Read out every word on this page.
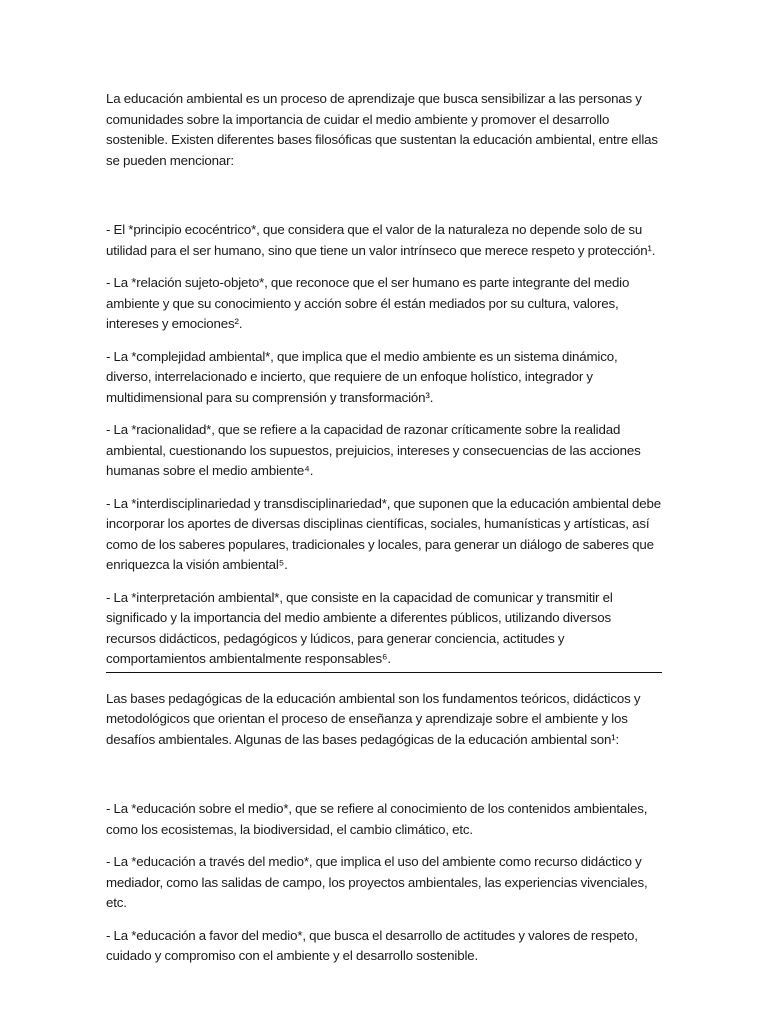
La educación ambiental es un proceso de aprendizaje que busca sensibilizar a las personas y comunidades sobre la importancia de cuidar el medio ambiente y promover el desarrollo sostenible. Existen diferentes bases filosóficas que sustentan la educación ambiental, entre ellas se pueden mencionar:

- El *principio ecocéntrico*, que considera que el valor de la naturaleza no depende solo de su utilidad para el ser humano, sino que tiene un valor intrínseco que merece respeto y protección¹.

- La *relación sujeto-objeto*, que reconoce que el ser humano es parte integrante del medio ambiente y que su conocimiento y acción sobre él están mediados por su cultura, valores, intereses y emociones².

- La *complejidad ambiental*, que implica que el medio ambiente es un sistema dinámico, diverso, interrelacionado e incierto, que requiere de un enfoque holístico, integrador y multidimensional para su comprensión y transformación³.

- La *racionalidad*, que se refiere a la capacidad de razonar críticamente sobre la realidad ambiental, cuestionando los supuestos, prejuicios, intereses y consecuencias de las acciones humanas sobre el medio ambiente⁴.

- La *interdisciplinariedad y transdisciplinariedad*, que suponen que la educación ambiental debe incorporar los aportes de diversas disciplinas científicas, sociales, humanísticas y artísticas, así como de los saberes populares, tradicionales y locales, para generar un diálogo de saberes que enriquezca la visión ambiental⁵.

- La *interpretación ambiental*, que consiste en la capacidad de comunicar y transmitir el significado y la importancia del medio ambiente a diferentes públicos, utilizando diversos recursos didácticos, pedagógicos y lúdicos, para generar conciencia, actitudes y comportamientos ambientalmente responsables⁶.

Las bases pedagógicas de la educación ambiental son los fundamentos teóricos, didácticos y metodológicos que orientan el proceso de enseñanza y aprendizaje sobre el ambiente y los desafíos ambientales. Algunas de las bases pedagógicas de la educación ambiental son¹:

- La *educación sobre el medio*, que se refiere al conocimiento de los contenidos ambientales, como los ecosistemas, la biodiversidad, el cambio climático, etc.

- La *educación a través del medio*, que implica el uso del ambiente como recurso didáctico y mediador, como las salidas de campo, los proyectos ambientales, las experiencias vivenciales, etc.

- La *educación a favor del medio*, que busca el desarrollo de actitudes y valores de respeto, cuidado y compromiso con el ambiente y el desarrollo sostenible.
